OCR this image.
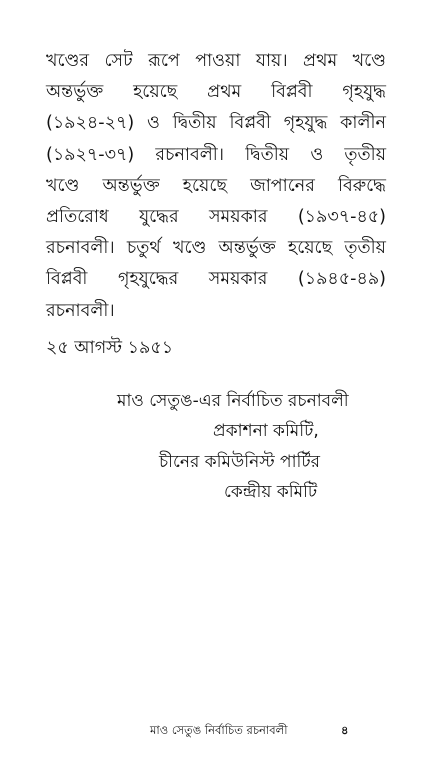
খণ্ডের সেট রূপে পাওয়া যায়। প্রথম খণ্ডে
অন্তর্ভুক্ত হয়েছে প্রথম বিপ্লবী গৃহযুদ্ধ
(১৯২৪-২৭) ও দ্বিতীয় বিপ্লবী গৃহযুদ্ধ কালীন
(১৯২৭-৩৭) রচনাবলী। দ্বিতীয় ও তৃতীয়
খণ্ডে অন্তর্ভুক্ত হয়েছে জাপানের বিরুদ্ধে
প্রতিরোধ যুদ্ধের সময়কার (১৯৩৭-৪৫)
রচনাবলী। চতুর্থ খণ্ডে অন্তর্ভুক্ত হয়েছে তৃতীয়
বিপ্লবী গৃহযুদ্ধের সময়কার (১৯৪৫-৪৯)
রচনাবলী।
২৫ আগস্ট ১৯৫১
মাও সেতুঙ-এর নির্বাচিত রচনাবলী
প্রকাশনা কমিটি,
চীনের কমিউনিস্ট পার্টির
কেন্দ্রীয় কমিটি
মাও সেতুঙ নির্বাচিত রচনাবলী	৪
